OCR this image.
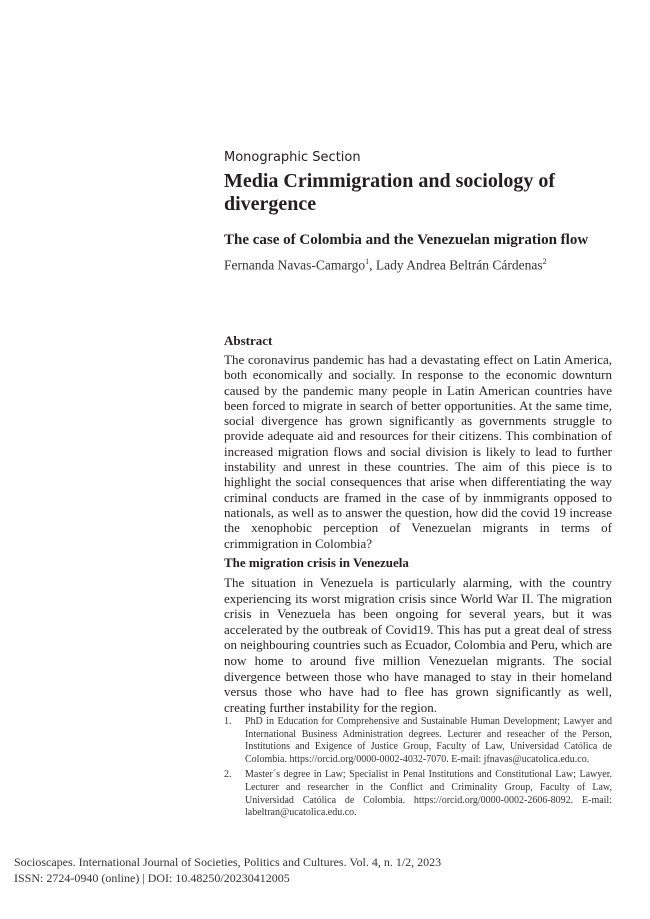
Monographic Section
Media Crimmigration and sociology of divergence
The case of Colombia and the Venezuelan migration flow
Fernanda Navas-Camargo$^1$, Lady Andrea Beltrán Cárdenas$^2$
Abstract

The coronavirus pandemic has had a devastating effect on Latin America, both economically and socially. In response to the economic downturn caused by the pandemic many people in Latin American countries have been forced to migrate in search of better opportunities. At the same time, social divergence has grown significantly as governments struggle to provide adequate aid and resources for their citizens. This combination of increased migration flows and social division is likely to lead to further instability and unrest in these countries. The aim of this piece is to highlight the social consequences that arise when differentiating the way criminal conducts are framed in the case of by inmmigrants opposed to nationals, as well as to answer the question, how did the covid 19 increase the xenophobic perception of Venezuelan migrants in terms of crimmigration in Colombia?

The migration crisis in Venezuela

The situation in Venezuela is particularly alarming, with the country experiencing its worst migration crisis since World War II. The migration crisis in Venezuela has been ongoing for several years, but it was accelerated by the outbreak of Covid19. This has put a great deal of stress on neighbouring countries such as Ecuador, Colombia and Peru, which are now home to around five million Venezuelan migrants. The social divergence between those who have managed to stay in their homeland versus those who have had to flee has grown significantly as well, creating further instability for the region.

1. PhD in Education for Comprehensive and Sustainable Human Development; Lawyer and International Business Administration degrees. Lecturer and reseacher of the Person, Institutions and Exigence of Justice Group, Faculty of Law, Universidad Católica de Colombia. https://orcid.org/0000-0002-4032-7070. E-mail: jfnavas@ucatolica.edu.co.
2. Master´s degree in Law; Specialist in Penal Institutions and Constitutional Law; Lawyer. Lecturer and researcher in the Conflict and Criminality Group, Faculty of Law, Universidad Católica de Colombia. https://orcid.org/0000-0002-2606-8092. E-mail: labeltran@ucatolica.edu.co.
Socioscapes. International Journal of Societies, Politics and Cultures. Vol. 4, n. 1/2, 2023
ISSN: 2724-0940 (online) | DOI: 10.48250/20230412005
